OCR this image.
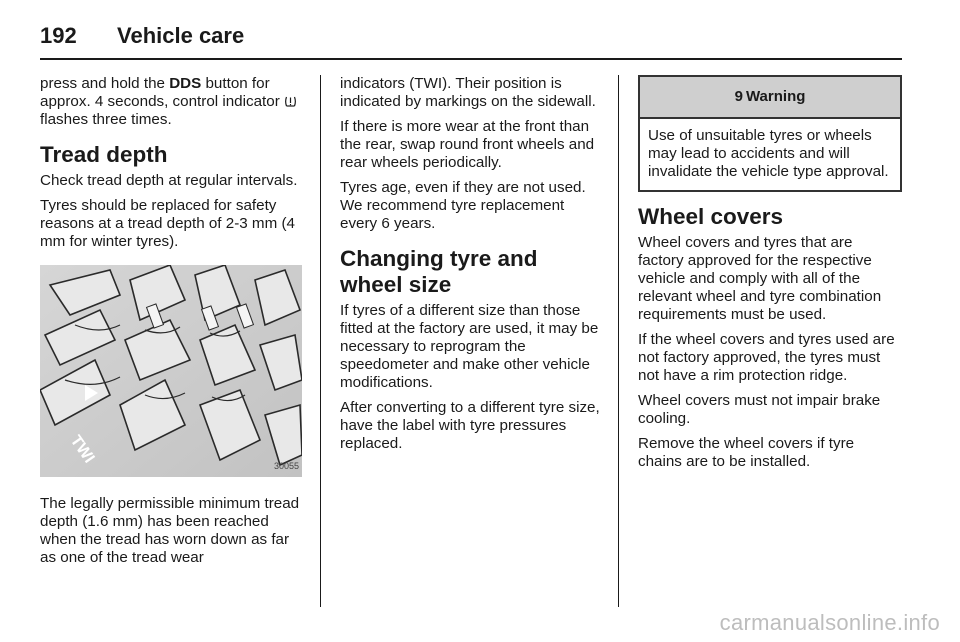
192	Vehicle care

press and hold the DDS button for approx. 4 seconds, control indicator  flashes three times.

Tread depth

Check tread depth at regular intervals.

Tyres should be replaced for safety reasons at a tread depth of 2-3 mm (4 mm for winter tyres).

TWI	30055

The legally permissible minimum tread depth (1.6 mm) has been reached when the tread has worn down as far as one of the tread wear

indicators (TWI). Their position is indicated by markings on the sidewall.

If there is more wear at the front than the rear, swap round front wheels and rear wheels periodically.

Tyres age, even if they are not used. We recommend tyre replacement every 6 years.

Changing tyre and wheel size

If tyres of a different size than those fitted at the factory are used, it may be necessary to reprogram the speedometer and make other vehicle modifications.

After converting to a different tyre size, have the label with tyre pressures replaced.

9 Warning
Use of unsuitable tyres or wheels may lead to accidents and will invalidate the vehicle type approval.
Wheel covers

Wheel covers and tyres that are factory approved for the respective vehicle and comply with all of the relevant wheel and tyre combination requirements must be used.

If the wheel covers and tyres used are not factory approved, the tyres must not have a rim protection ridge.

Wheel covers must not impair brake cooling.

Remove the wheel covers if tyre chains are to be installed.

carmanualsonline.info
